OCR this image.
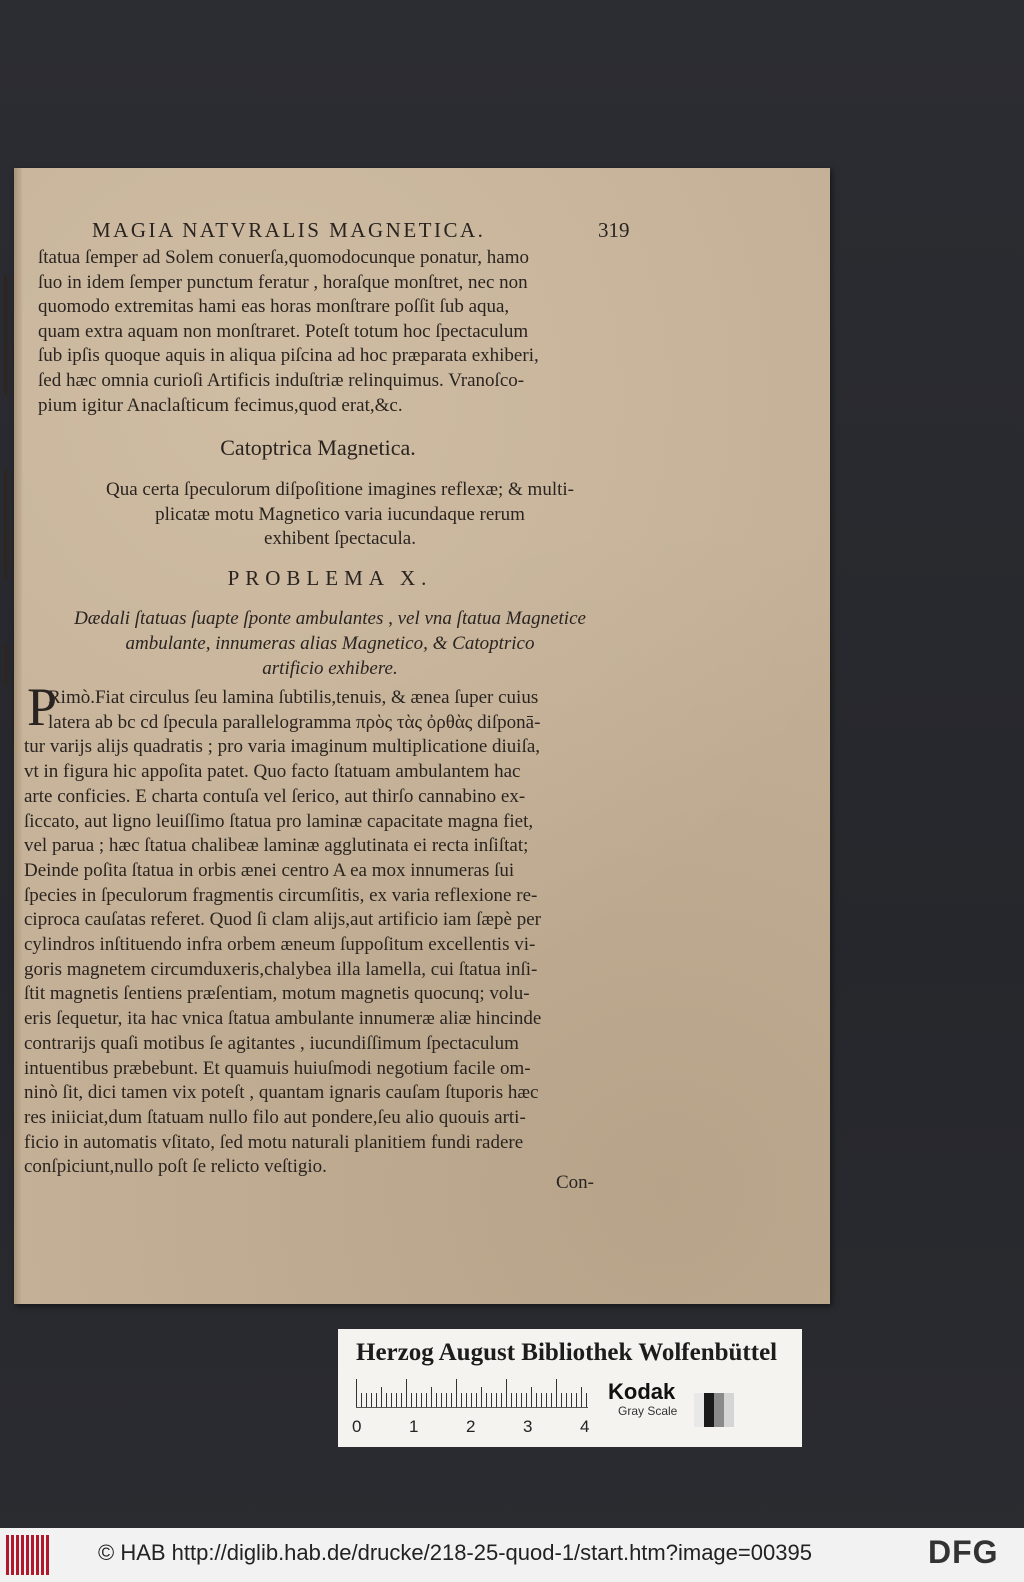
MAGIA NATVRALIS MAGNETICA.	319
ſtatua ſemper ad Solem conuerſa,quomodocunque ponatur, hamo
ſuo in idem ſemper punctum feratur , horaſque monſtret, nec non
quomodo extremitas hami eas horas monſtrare poſſit ſub aqua,
quam extra aquam non monſtraret. Poteſt totum hoc ſpectaculum
ſub ipſis quoque aquis in aliqua piſcina ad hoc præparata exhiberi,
ſed hæc omnia curioſi Artificis induſtriæ relinquimus. Vranoſco-
pium igitur Anaclaſticum fecimus,quod erat,&c.
Catoptrica Magnetica.
Qua certa ſpeculorum diſpoſitione imagines reflexæ; & multi-
plicatæ motu Magnetico varia iucundaque rerum
exhibent ſpectacula.
PROBLEMA X.
Dædali ſtatuas ſuapte ſponte ambulantes , vel vna ſtatua Magnetice
ambulante, innumeras alias Magnetico, & Catoptrico
artificio exhibere.
P
Rimò.Fiat circulus ſeu lamina ſubtilis,tenuis, & ænea ſuper cuius
latera ab bc cd ſpecula parallelogramma πρὸς τὰς ὀρθὰς diſponā-
tur varijs alijs quadratis ; pro varia imaginum multiplicatione diuiſa,
vt in figura hic appoſita patet. Quo facto ſtatuam ambulantem hac
arte conficies. E charta contuſa vel ſerico, aut thirſo cannabino ex-
ſiccato, aut ligno leuiſſimo ſtatua pro laminæ capacitate magna fiet,
vel parua ; hæc ſtatua chalibeæ laminæ agglutinata ei recta inſiſtat;
Deinde poſita ſtatua in orbis ænei centro A ea mox innumeras ſui
ſpecies in ſpeculorum fragmentis circumſitis, ex varia reflexione re-
ciproca cauſatas referet. Quod ſi clam alijs,aut artificio iam ſæpè per
cylindros inſtituendo infra orbem æneum ſuppoſitum excellentis vi-
goris magnetem circumduxeris,chalybea illa lamella, cui ſtatua inſi-
ſtit magnetis ſentiens præſentiam, motum magnetis quocunq; volu-
eris ſequetur, ita hac vnica ſtatua ambulante innumeræ aliæ hincinde
contrarijs quaſi motibus ſe agitantes , iucundiſſimum ſpectaculum
intuentibus præbebunt. Et quamuis huiuſmodi negotium facile om-
ninò ſit, dici tamen vix poteſt , quantam ignaris cauſam ſtuporis hæc
res iniiciat,dum ſtatuam nullo filo aut pondere,ſeu alio quouis arti-
ficio in automatis vſitato, ſed motu naturali planitiem fundi radere
conſpiciunt,nullo poſt ſe relicto veſtigio.
Con-
Herzog August Bibliothek Wolfenbüttel
0	1	2	3	4
Kodak
Gray Scale
© HAB http://diglib.hab.de/drucke/218-25-quod-1/start.htm?image=00395	DFG
